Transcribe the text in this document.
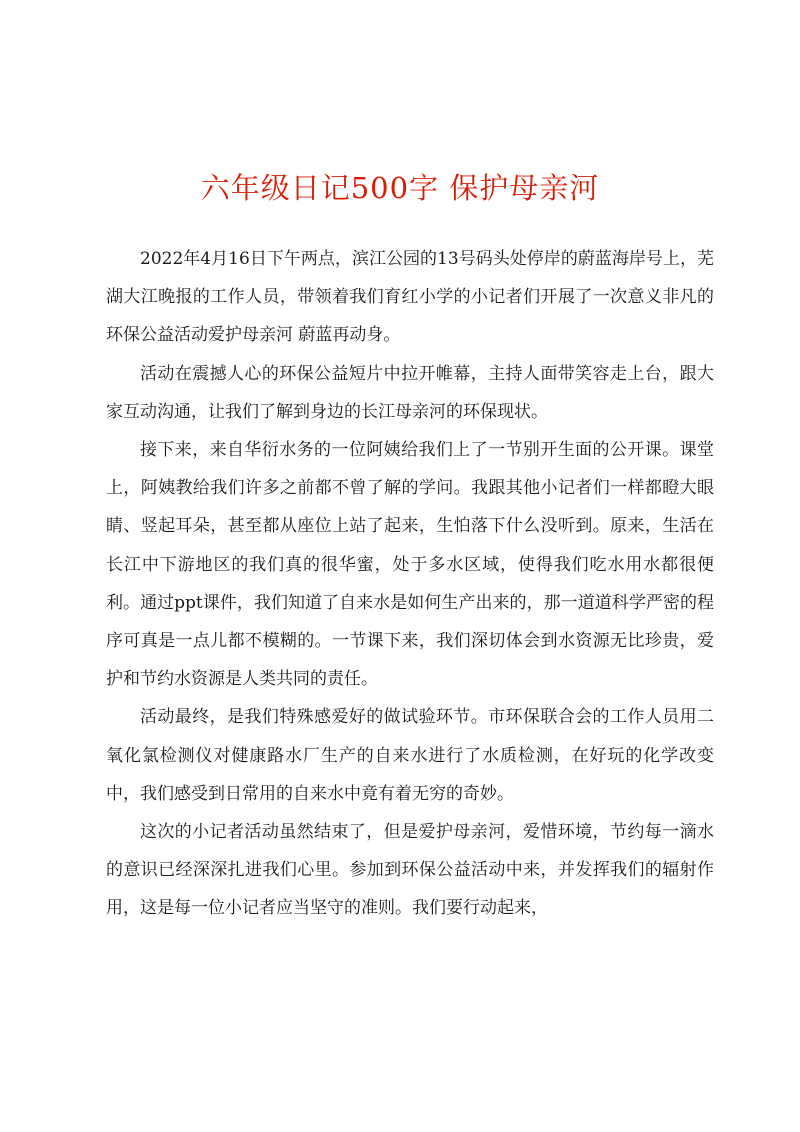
六年级日记500字 保护母亲河

2022年4月16日下午两点，滨江公园的13号码头处停岸的蔚蓝海岸号上，芜湖大江晚报的工作人员，带领着我们育红小学的小记者们开展了一次意义非凡的环保公益活动爱护母亲河 蔚蓝再动身。

活动在震撼人心的环保公益短片中拉开帷幕，主持人面带笑容走上台，跟大家互动沟通，让我们了解到身边的长江母亲河的环保现状。

接下来，来自华衍水务的一位阿姨给我们上了一节别开生面的公开课。课堂上，阿姨教给我们许多之前都不曾了解的学问。我跟其他小记者们一样都瞪大眼睛、竖起耳朵，甚至都从座位上站了起来，生怕落下什么没听到。原来，生活在长江中下游地区的我们真的很华蜜，处于多水区域，使得我们吃水用水都很便利。通过ppt课件，我们知道了自来水是如何生产出来的，那一道道科学严密的程序可真是一点儿都不模糊的。一节课下来，我们深切体会到水资源无比珍贵，爱护和节约水资源是人类共同的责任。

活动最终，是我们特殊感爱好的做试验环节。市环保联合会的工作人员用二氧化氯检测仪对健康路水厂生产的自来水进行了水质检测，在好玩的化学改变中，我们感受到日常用的自来水中竟有着无穷的奇妙。

这次的小记者活动虽然结束了，但是爱护母亲河，爱惜环境，节约每一滴水的意识已经深深扎进我们心里。参加到环保公益活动中来，并发挥我们的辐射作用，这是每一位小记者应当坚守的准则。我们要行动起来，
